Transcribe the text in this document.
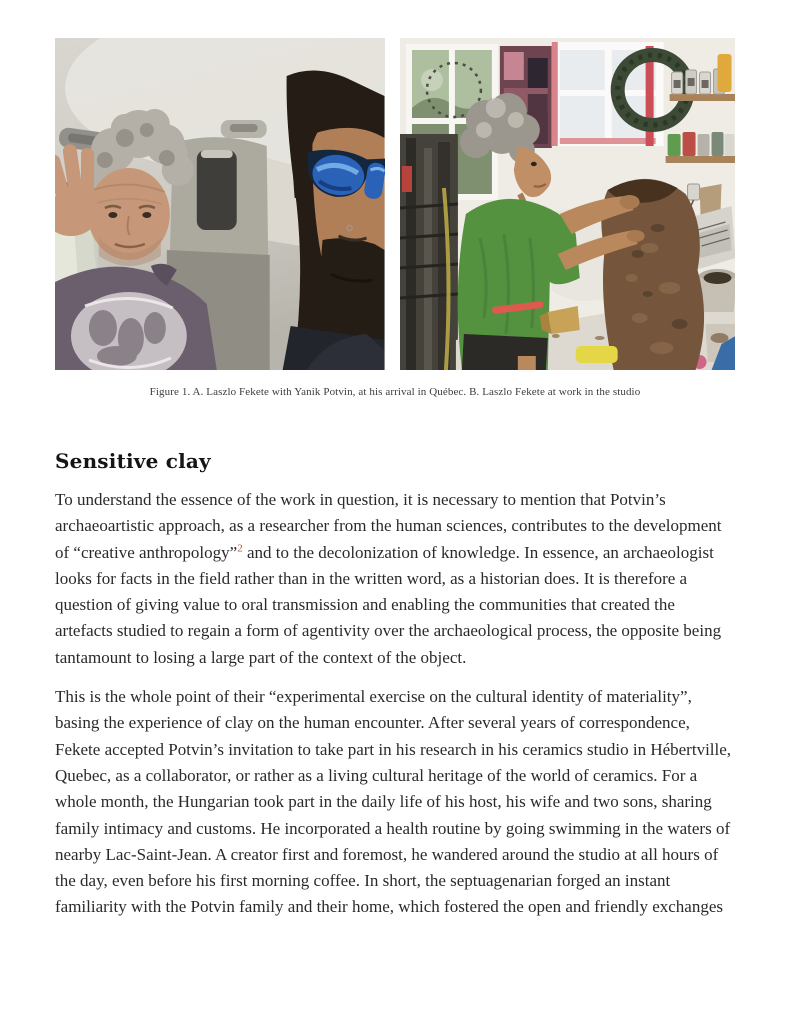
Figure 1. A. Laszlo Fekete with Yanik Potvin, at his arrival in Québec. B. Laszlo Fekete at work in the studio
Sensitive clay

To understand the essence of the work in question, it is necessary to mention that Potvin’s archaeoartistic approach, as a researcher from the human sciences, contributes to the development of “creative anthropology”$^2$ and to the decolonization of knowledge. In essence, an archaeologist looks for facts in the field rather than in the written word, as a historian does. It is therefore a question of giving value to oral transmission and enabling the communities that created the artefacts studied to regain a form of agentivity over the archaeological process, the opposite being tantamount to losing a large part of the context of the object.

This is the whole point of their “experimental exercise on the cultural identity of materiality”, basing the experience of clay on the human encounter. After several years of correspondence, Fekete accepted Potvin’s invitation to take part in his research in his ceramics studio in Hébertville, Quebec, as a collaborator, or rather as a living cultural heritage of the world of ceramics. For a whole month, the Hungarian took part in the daily life of his host, his wife and two sons, sharing family intimacy and customs. He incorporated a health routine by going swimming in the waters of nearby Lac-Saint-Jean. A creator first and foremost, he wandered around the studio at all hours of the day, even before his first morning coffee. In short, the septuagenarian forged an instant familiarity with the Potvin family and their home, which fostered the open and friendly exchanges
